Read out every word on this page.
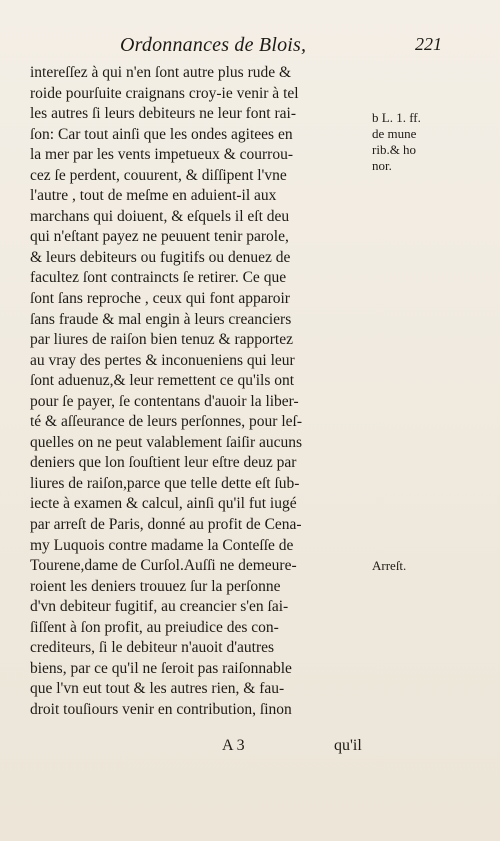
Ordonnances de Blois,	221
intereſſez à qui n'en ſont autre plus rude &
roide pourſuite craignans croy-ie venir à tel
les autres ſi leurs debiteurs ne leur font rai-
ſon: Car tout ainſi que les ondes agitees en
la mer par les vents impetueux & courrou-
cez ſe perdent, couurent, & diſſipent l'vne
l'autre , tout de meſme en aduient-il aux
marchans qui doiuent, & eſquels il eſt deu
qui n'eſtant payez ne peuuent tenir parole,
& leurs debiteurs ou fugitifs ou denuez de
facultez ſont contraincts ſe retirer. Ce que
ſont ſans reproche , ceux qui font apparoir
ſans fraude & mal engin à leurs creanciers
par liures de raiſon bien tenuz & rapportez
au vray des pertes & inconueniens qui leur
ſont aduenuz,& leur remettent ce qu'ils ont
pour ſe payer, ſe contentans d'auoir la liber-
té & aſſeurance de leurs perſonnes, pour leſ-
quelles on ne peut valablement ſaiſir aucuns
deniers que lon ſouſtient leur eſtre deuz par
liures de raiſon,parce que telle dette eſt ſub-
iecte à examen & calcul, ainſi qu'il fut iugé
par arreſt de Paris, donné au profit de Cena-
my Luquois contre madame la Conteſſe de
Tourene,dame de Curſol.Auſſi ne demeure-
roient les deniers trouuez ſur la perſonne
d'vn debiteur fugitif, au creancier s'en ſai-
ſiſſent à ſon profit, au preiudice des con-
crediteurs, ſi le debiteur n'auoit d'autres
biens, par ce qu'il ne ſeroit pas raiſonnable
que l'vn eut tout & les autres rien, & fau-
droit touſiours venir en contribution, ſinon
A 3	qu'il
b L. 1. ff.
de mune
rib.& ho
nor.
Arreſt.
